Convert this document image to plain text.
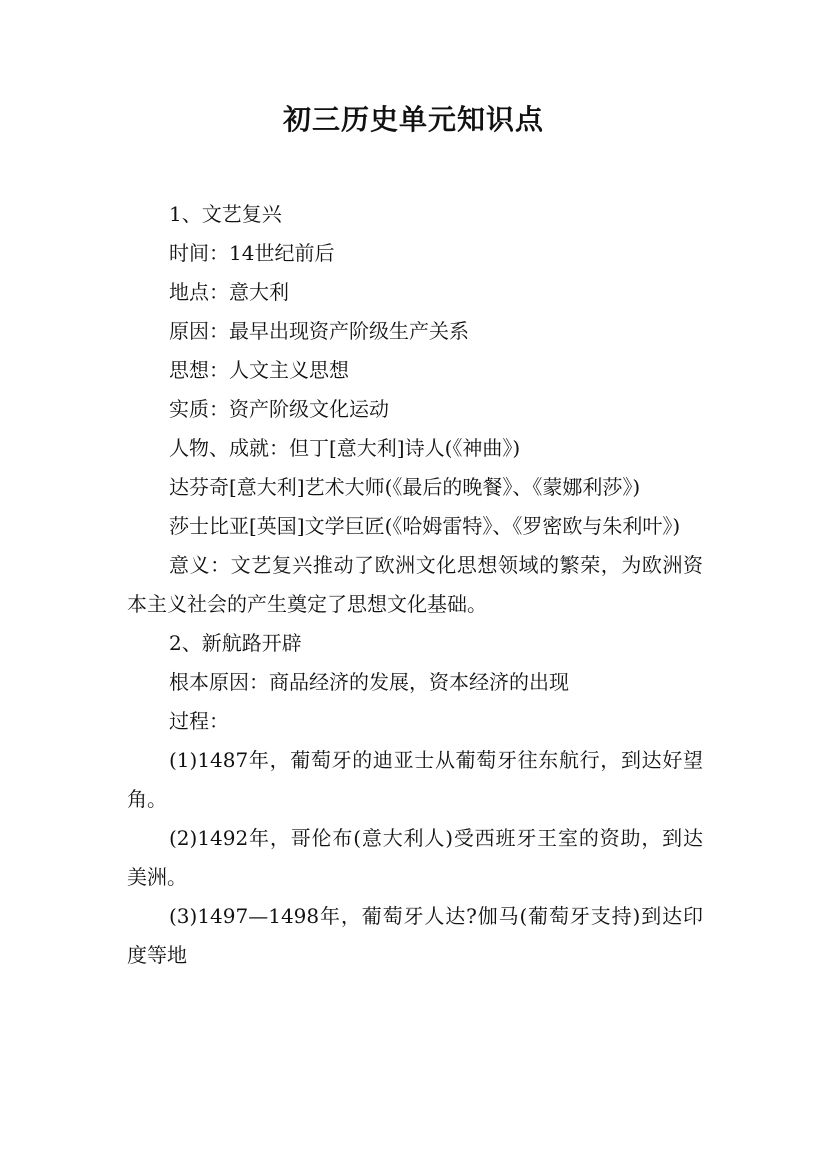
初三历史单元知识点

1、文艺复兴

时间：14世纪前后

地点：意大利

原因：最早出现资产阶级生产关系

思想：人文主义思想

实质：资产阶级文化运动

人物、成就：但丁[意大利]诗人(《神曲》)

达芬奇[意大利]艺术大师(《最后的晚餐》、《蒙娜利莎》)

莎士比亚[英国]文学巨匠(《哈姆雷特》、《罗密欧与朱利叶》)

意义：文艺复兴推动了欧洲文化思想领域的繁荣，为欧洲资本主义社会的产生奠定了思想文化基础。

2、新航路开辟

根本原因：商品经济的发展，资本经济的出现

过程：

(1)1487年，葡萄牙的迪亚士从葡萄牙往东航行，到达好望角。

(2)1492年，哥伦布(意大利人)受西班牙王室的资助，到达美洲。

(3)1497—1498年，葡萄牙人达?伽马(葡萄牙支持)到达印度等地
